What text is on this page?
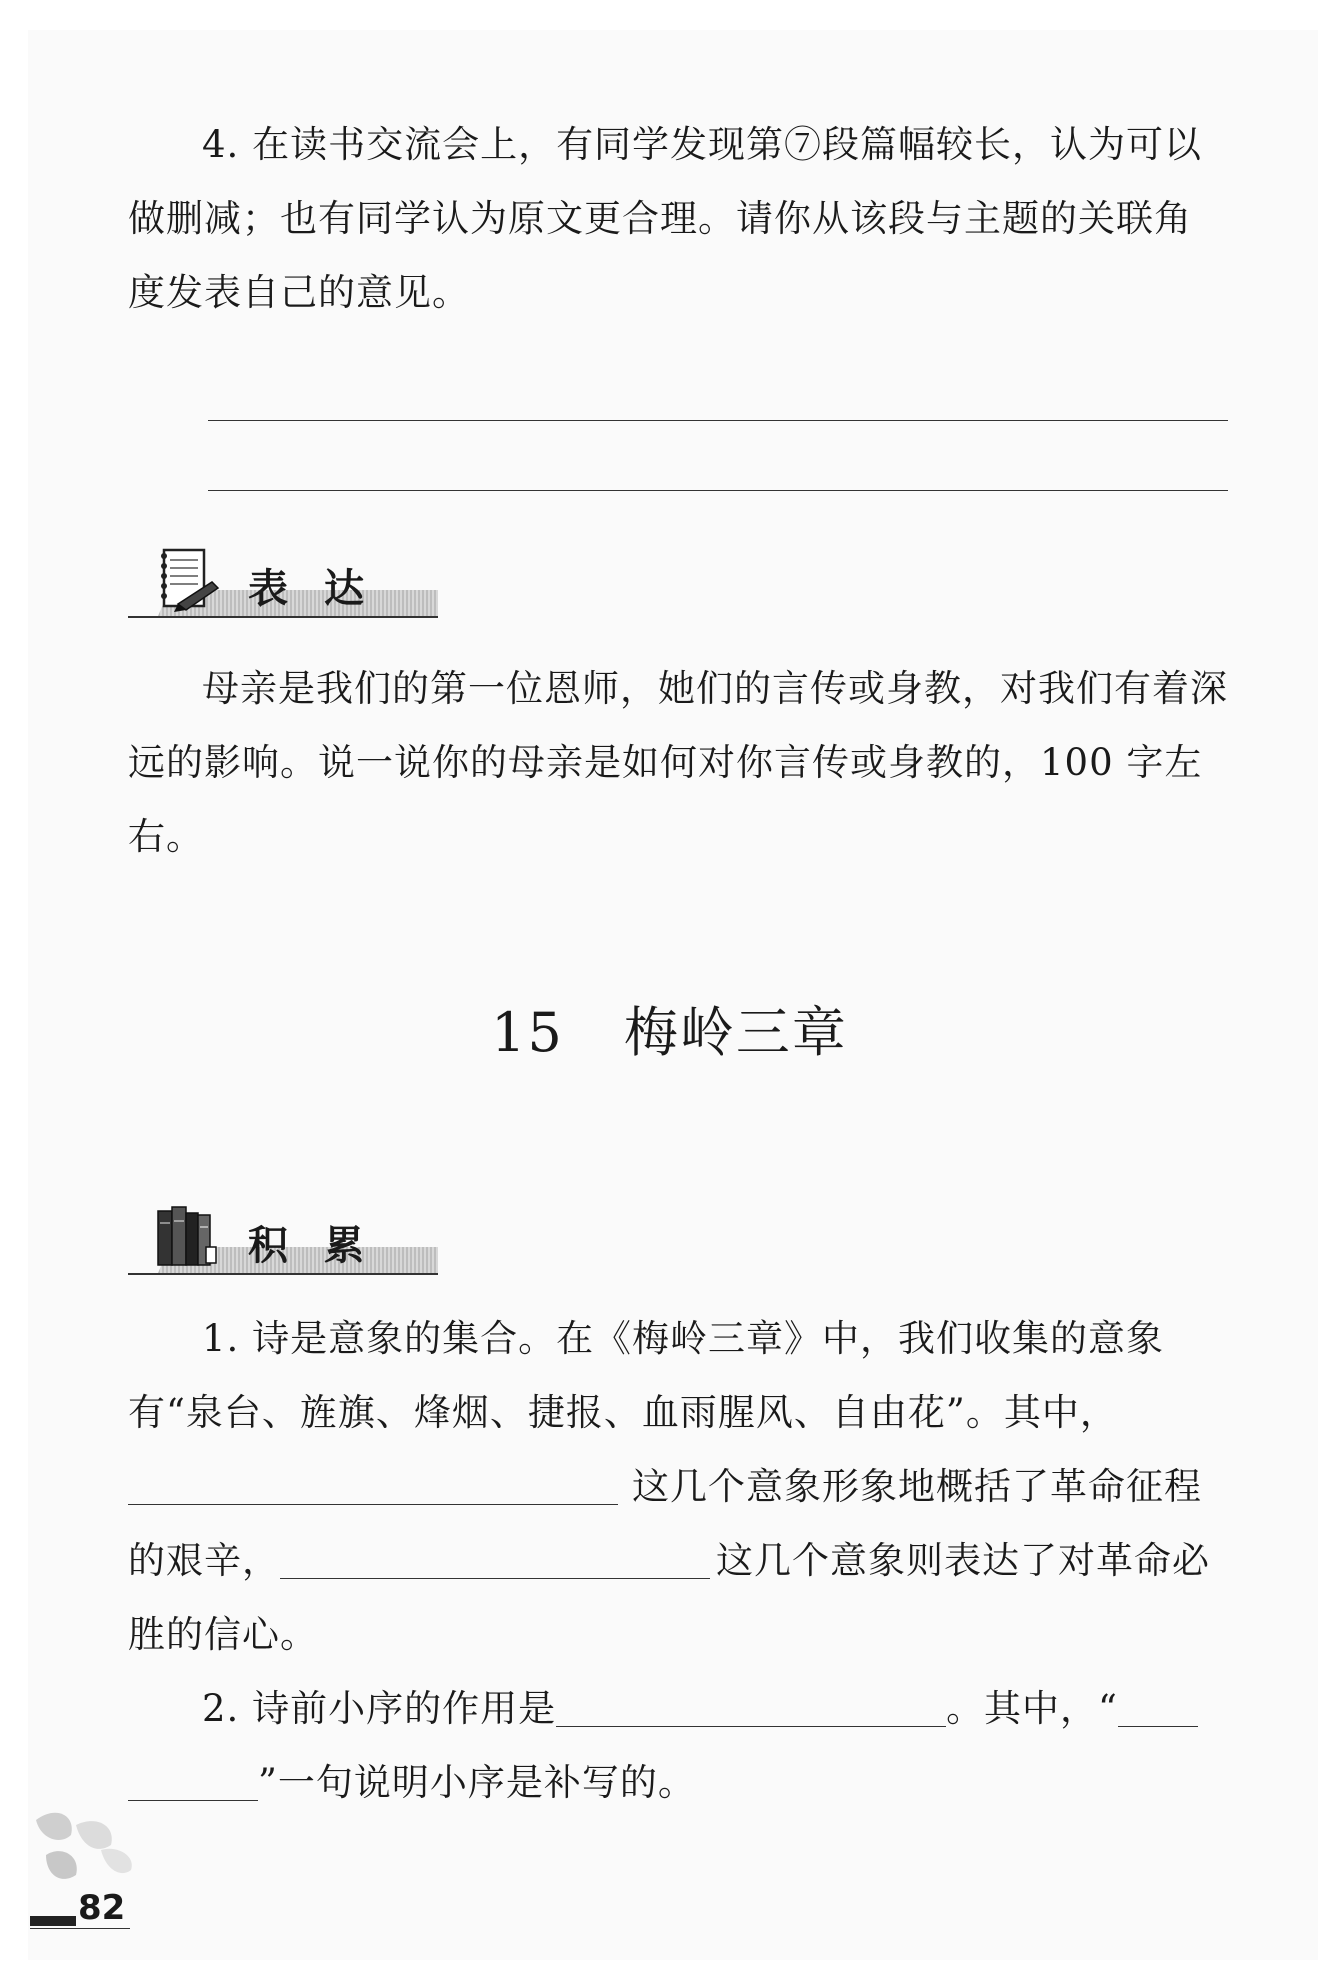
4. 在读书交流会上，有同学发现第⑦段篇幅较长，认为可以做删减；也有同学认为原文更合理。请你从该段与主题的关联角度发表自己的意见。

表达

母亲是我们的第一位恩师，她们的言传或身教，对我们有着深远的影响。说一说你的母亲是如何对你言传或身教的，100 字左右。

15 梅岭三章
积累

1. 诗是意象的集合。在《梅岭三章》中，我们收集的意象有“泉台、旌旗、烽烟、捷报、血雨腥风、自由花”。其中，这几个意象形象地概括了革命征程的艰辛，	这几个意象则表达了对革命必胜的信心。

2. 诗前小序的作用是	。其中，“”一句说明小序是补写的。

82
